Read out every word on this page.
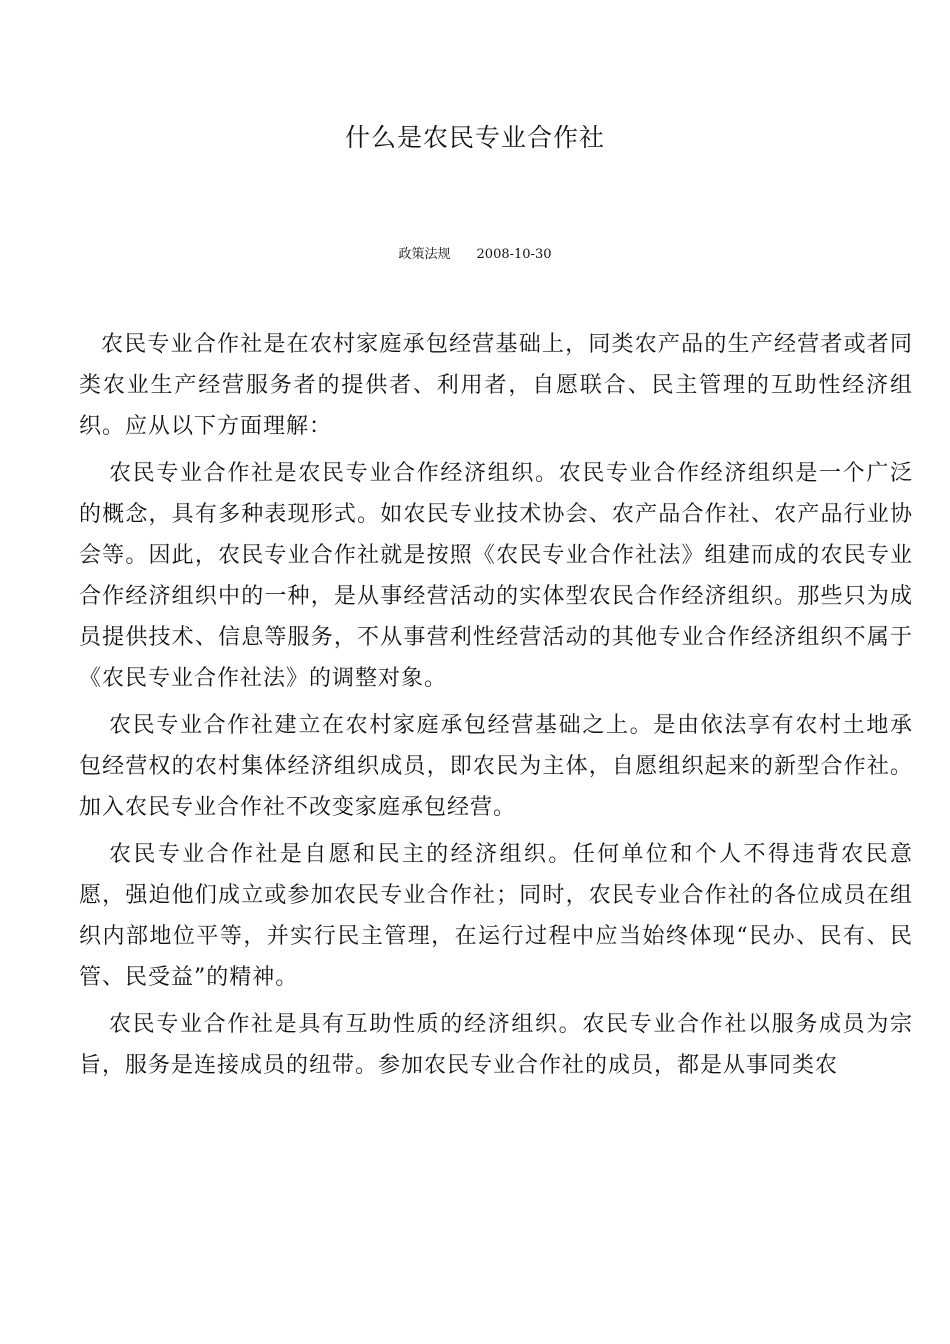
什么是农民专业合作社
政策法规 2008-10-30

农民专业合作社是在农村家庭承包经营基础上，同类农产品的生产经营者或者同类农业生产经营服务者的提供者、利用者，自愿联合、民主管理的互助性经济组织。应从以下方面理解：

农民专业合作社是农民专业合作经济组织。农民专业合作经济组织是一个广泛的概念，具有多种表现形式。如农民专业技术协会、农产品合作社、农产品行业协会等。因此，农民专业合作社就是按照《农民专业合作社法》组建而成的农民专业合作经济组织中的一种，是从事经营活动的实体型农民合作经济组织。那些只为成员提供技术、信息等服务，不从事营利性经营活动的其他专业合作经济组织不属于《农民专业合作社法》的调整对象。

农民专业合作社建立在农村家庭承包经营基础之上。是由依法享有农村土地承包经营权的农村集体经济组织成员，即农民为主体，自愿组织起来的新型合作社。加入农民专业合作社不改变家庭承包经营。

农民专业合作社是自愿和民主的经济组织。任何单位和个人不得违背农民意愿，强迫他们成立或参加农民专业合作社；同时，农民专业合作社的各位成员在组织内部地位平等，并实行民主管理，在运行过程中应当始终体现“民办、民有、民管、民受益”的精神。

农民专业合作社是具有互助性质的经济组织。农民专业合作社以服务成员为宗旨，服务是连接成员的纽带。参加农民专业合作社的成员，都是从事同类农
